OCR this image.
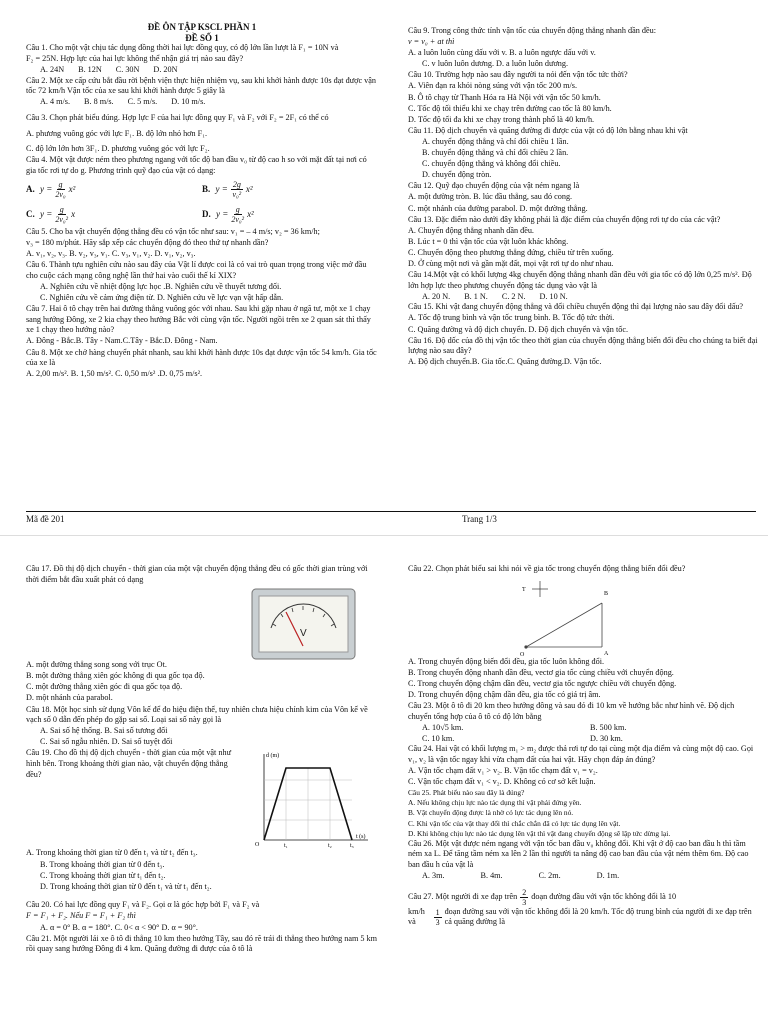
ĐỀ ÔN TẬP KSCL PHẦN 1
ĐỀ SỐ 1

Câu 1. Cho một vật chịu tác dụng đồng thời hai lực đồng quy, có độ lớn lần lượt là F₁ = 10N và

F₂ = 25N. Hợp lực của hai lực không thể nhận giá trị nào sau đây?

A. 24N B. 12N C. 30N D. 20N

Câu 2. Một xe cấp cứu bắt đầu rời bệnh viện thực hiện nhiệm vụ, sau khi khởi hành được 10s đạt được vận tốc 72 km/h Vận tốc của xe sau khi khởi hành được 5 giây là

A. 4 m/s. B. 8 m/s. C. 5 m/s. D. 10 m/s.

Câu 3. Chọn phát biểu đúng. Hợp lực F của hai lực đồng quy F₁ và F₂ với F₂ = 2F₁ có thể có

A. phương vuông góc với lực F₁. B. độ lớn nhỏ hơn F₁.

C. độ lớn lớn hơn 3F₁. D. phương vuông góc với lực F₂.

Câu 4. Một vật được ném theo phương ngang với tốc độ ban đầu v₀ từ độ cao h so với mặt đất tại nơi có gia tốc rơi tự do g. Phương trình quỹ đạo của vật có dạng:

A. $y = \frac{g}{\text{2v₀}} x^2$	B. $y = \frac{2g}{\text{v₀²}} x^2$
C. $y = \frac{g}{\text{2v₀²}}$ x	D. $y = \frac{g}{\text{2v₀²}} x^2$

Câu 5. Cho ba vật chuyển động thẳng đều có vận tốc như sau: v₁ = – 4 m/s; v₂ = 36 km/h;

v₃ = 180 m/phút. Hãy sắp xếp các chuyển động đó theo thứ tự nhanh dần?

A. v₁, v₂, v₃. B. v₂, v₃, v₁. C. v₃, v₁, v₂. D. v₁, v₂, v₃.

Câu 6. Thành tựu nghiên cứu nào sau đây của Vật lí được coi là có vai trò quan trọng trong việc mở đầu cho cuộc cách mạng công nghệ lần thứ hai vào cuối thế kỉ XIX?

A. Nghiên cứu về nhiệt động lực học .B. Nghiên cứu về thuyết tương đối.

C. Nghiên cứu về cảm ứng điện từ. D. Nghiên cứu về lực vạn vật hấp dẫn.

Câu 7. Hai ô tô chạy trên hai đường thẳng vuông góc với nhau. Sau khi gặp nhau ở ngã tư, một xe 1 chạy sang hướng Đông, xe 2 kia chạy theo hướng Bắc với cùng vận tốc. Người ngồi trên xe 2 quan sát thì thấy xe 1 chạy theo hướng nào?

A. Đông - Bắc.B. Tây - Nam.C.Tây - Bắc.D. Đông - Nam.

Câu 8. Một xe chở hàng chuyển phát nhanh, sau khi khởi hành được 10s đạt được vận tốc 54 km/h. Gia tốc của xe là

A. 2,00 m/s². B. 1,50 m/s². C. 0,50 m/s² .D. 0,75 m/s².

Câu 9. Trong công thức tính vận tốc của chuyển động thẳng nhanh dần đều:

v = v₀ + at thì

A. a luôn luôn cùng dấu với v. B. a luôn ngược dấu với v.

C. v luôn luôn dương. D. a luôn luôn dương.

Câu 10. Trường hợp nào sau đây người ta nói đến vận tốc tức thời?

A. Viên đạn ra khỏi nòng súng với vận tốc 200 m/s.

B. Ô tô chạy từ Thanh Hóa ra Hà Nội với vận tốc 50 km/h.

C. Tốc độ tối thiểu khi xe chạy trên đường cao tốc là 80 km/h.

D. Tốc độ tối đa khi xe chạy trong thành phố là 40 km/h.

Câu 11. Độ dịch chuyển và quãng đường đi được của vật có độ lớn bằng nhau khi vật

A. chuyển động thẳng và chỉ đổi chiều 1 lần.

B. chuyển động thẳng và chỉ đổi chiều 2 lần.

C. chuyển động thẳng và không đổi chiều.

D. chuyển động tròn.

Câu 12. Quỹ đạo chuyển động của vật ném ngang là

A. một đường tròn. B. lúc đầu thẳng, sau đó cong.

C. một nhánh của đường parabol. D. một đường thẳng.

Câu 13. Đặc điểm nào dưới đây không phải là đặc điểm của chuyển động rơi tự do của các vật?

A. Chuyển động thẳng nhanh dần đều.

B. Lúc t = 0 thì vận tốc của vật luôn khác không.

C. Chuyển động theo phương thẳng đứng, chiều từ trên xuống.

D. Ở cùng một nơi và gần mặt đất, mọi vật rơi tự do như nhau.

Câu 14.Một vật có khối lượng 4kg chuyển động thẳng nhanh dần đều với gia tốc có độ lớn 0,25 m/s². Độ lớn hợp lực theo phương chuyển động tác dụng vào vật là

A. 20 N. B. 1 N. C. 2 N. D. 10 N.

Câu 15. Khi vật đang chuyển động thẳng và đổi chiều chuyển động thì đại lượng nào sau đây đổi dấu?

A. Tốc độ trung bình và vận tốc trung bình. B. Tốc độ tức thời.

C. Quãng đường và độ dịch chuyển. D. Độ dịch chuyển và vận tốc.

Câu 16. Độ dốc của đồ thị vận tốc theo thời gian của chuyển động thẳng biến đổi đều cho chúng ta biết đại lượng nào sau đây?

A. Độ dịch chuyển.B. Gia tốc.C. Quãng đường.D. Vận tốc.

Mã đề 201	Trang 1/3

Câu 17. Đồ thị độ dịch chuyển - thời gian của một vật chuyển động thẳng đều có gốc thời gian trùng với thời điểm bắt đầu xuất phát có dạng

V

A. một đường thẳng song song với trục Ot.

B. một đường thẳng xiên góc không đi qua gốc tọa độ.

C. một đường thẳng xiên góc đi qua gốc tọa độ.

D. một nhánh của parabol.

Câu 18. Một học sinh sử dụng Vôn kế để đo hiệu điện thế, tuy nhiên chưa hiệu chỉnh kim của Vôn kế về vạch số 0 dẫn đến phép đo gặp sai số. Loại sai số này gọi là

A. Sai số hệ thống. B. Sai số tương đối

C. Sai số ngẫu nhiên. D. Sai số tuyệt đối

Câu 19. Cho đồ thị độ dịch chuyển - thời gian của một vật như hình bên. Trong khoảng thời gian nào, vật chuyển động thẳng đều?

d (m)
t (s)
O	t₁	t₂	t₃

A. Trong khoảng thời gian từ 0 đến t₁ và từ t₂ đến t₃.

B. Trong khoảng thời gian từ 0 đến t₃.

C. Trong khoảng thời gian từ t₁ đến t₂.

D. Trong khoảng thời gian từ 0 đến t₁ và từ t₁ đến t₂.

Câu 20. Có hai lực đồng quy F₁ và F₂. Gọi α là góc hợp bởi F₁ và F₂ và

F = F₁ + F₂. Nếu F = F₁ + F₂ thì

A. α = 0° B. α = 180°. C. 0< α < 90° D. α = 90°.

Câu 21. Một người lái xe ô tô đi thẳng 10 km theo hướng Tây, sau đó rẽ trái đi thẳng theo hướng nam 5 km rồi quay sang hướng Đông đi 4 km. Quãng đường đi được của ô tô là

Câu 22. Chọn phát biểu sai khi nói về gia tốc trong chuyển động thẳng biến đổi đều?

T
O	A
B

A. Trong chuyển động biến đổi đều, gia tốc luôn không đổi.

B. Trong chuyển động nhanh dần đều, vectơ gia tốc cùng chiều với chuyển động.

C. Trong chuyển động chậm dần đều, vectơ gia tốc ngược chiều với chuyển động.

D. Trong chuyển động chậm dần đều, gia tốc có giá trị âm.

Câu 23. Một ô tô đi 20 km theo hướng đông và sau đó đi 10 km về hướng bắc như hình vẽ. Độ dịch chuyển tổng hợp của ô tô có độ lớn bằng

A. 10√5 km.	B. 500 km.
C. 10 km.	D. 30 km.

Câu 24. Hai vật có khối lượng m₁ > m₂ được thả rơi tự do tại cùng một địa điểm và cùng một độ cao. Gọi v₁, v₂ là vận tốc ngay khi vừa chạm đất của hai vật. Hãy chọn đáp án đúng?

A. Vận tốc chạm đất v₁ > v₂. B. Vận tốc chạm đất v₁ = v₂.

C. Vận tốc chạm đất v₁ < v₂. D. Không có cơ sở kết luận.

Câu 25. Phát biểu nào sau đây là đúng?

A. Nếu không chịu lực nào tác dụng thì vật phải đứng yên.

B. Vật chuyển động được là nhờ có lực tác dụng lên nó.

C. Khi vận tốc của vật thay đổi thì chắc chắn đã có lực tác dụng lên vật.

D. Khi không chịu lực nào tác dụng lên vật thì vật đang chuyển động sẽ lập tức dừng lại.

Câu 26. Một vật được ném ngang với vận tốc ban đầu v₀ không đổi. Khi vật ở độ cao ban đầu h thì tầm ném xa L. Để tăng tầm ném xa lên 2 lần thì người ta nâng độ cao ban đầu của vật ném thêm 6m. Độ cao ban đầu h của vật là

A. 3m.	B. 4m.	C. 2m.	D. 1m.
Câu 27. Một người đi xe đạp trên $\frac{2}{3}$ đoạn đường đầu với vận tốc không đổi là 10
km/h và	$\frac{1}{3}$ đoạn đường sau với vận tốc không đổi là 20 km/h. Tốc độ trung bình của người đi xe đạp trên cả quãng đường là
